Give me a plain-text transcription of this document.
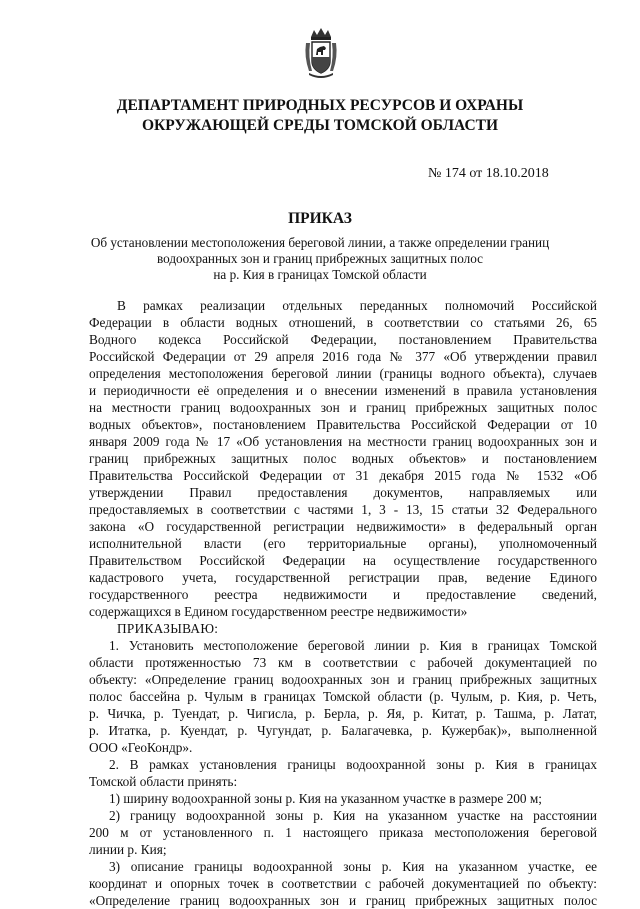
ДЕПАРТАМЕНТ ПРИРОДНЫХ РЕСУРСОВ И ОХРАНЫ
ОКРУЖАЮЩЕЙ СРЕДЫ ТОМСКОЙ ОБЛАСТИ
№ 174 от 18.10.2018
ПРИКАЗ
Об установлении местоположения береговой линии, а также определении границ
водоохранных зон и границ прибрежных защитных полос
на р. Кия в границах Томской области

В рамках реализации отдельных переданных полномочий Российской

Федерации в области водных отношений, в соответствии со статьями 26, 65

Водного кодекса Российской Федерации, постановлением Правительства

Российской Федерации от 29 апреля 2016 года № 377 «Об утверждении правил

определения местоположения береговой линии (границы водного объекта), случаев

и периодичности её определения и о внесении изменений в правила установления

на местности границ водоохранных зон и границ прибрежных защитных полос

водных объектов», постановлением Правительства Российской Федерации от 10

января 2009 года № 17 «Об установления на местности границ водоохранных зон и

границ прибрежных защитных полос водных объектов» и постановлением

Правительства Российской Федерации от 31 декабря 2015 года № 1532 «Об

утверждении Правил предоставления документов, направляемых или

предоставляемых в соответствии с частями 1, 3 - 13, 15 статьи 32 Федерального

закона «О государственной регистрации недвижимости» в федеральный орган

исполнительной власти (его территориальные органы), уполномоченный

Правительством Российской Федерации на осуществление государственного

кадастрового учета, государственной регистрации прав, ведение Единого

государственного реестра недвижимости и предоставление сведений,

содержащихся в Едином государственном реестре недвижимости»

ПРИКАЗЫВАЮ:

1. Установить местоположение береговой линии р. Кия в границах Томской

области протяженностью 73 км в соответствии с рабочей документацией по

объекту: «Определение границ водоохранных зон и границ прибрежных защитных

полос бассейна р. Чулым в границах Томской области (р. Чулым, р. Кия, р. Четь,

р. Чичка, р. Туендат, р. Чигисла, р. Берла, р. Яя, р. Китат, р. Ташма, р. Латат,

р. Итатка, р. Куендат, р. Чугундат, р. Балагачевка, р. Кужербак)», выполненной

ООО «ГеоКондр».

2. В рамках установления границы водоохранной зоны р. Кия в границах

Томской области принять:

1) ширину водоохранной зоны р. Кия на указанном участке в размере 200 м;

2) границу водоохранной зоны р. Кия на указанном участке на расстоянии

200 м от установленного п. 1 настоящего приказа местоположения береговой

линии р. Кия;

3) описание границы водоохранной зоны р. Кия на указанном участке, ее

координат и опорных точек в соответствии с рабочей документацией по объекту:

«Определение границ водоохранных зон и границ прибрежных защитных полос
